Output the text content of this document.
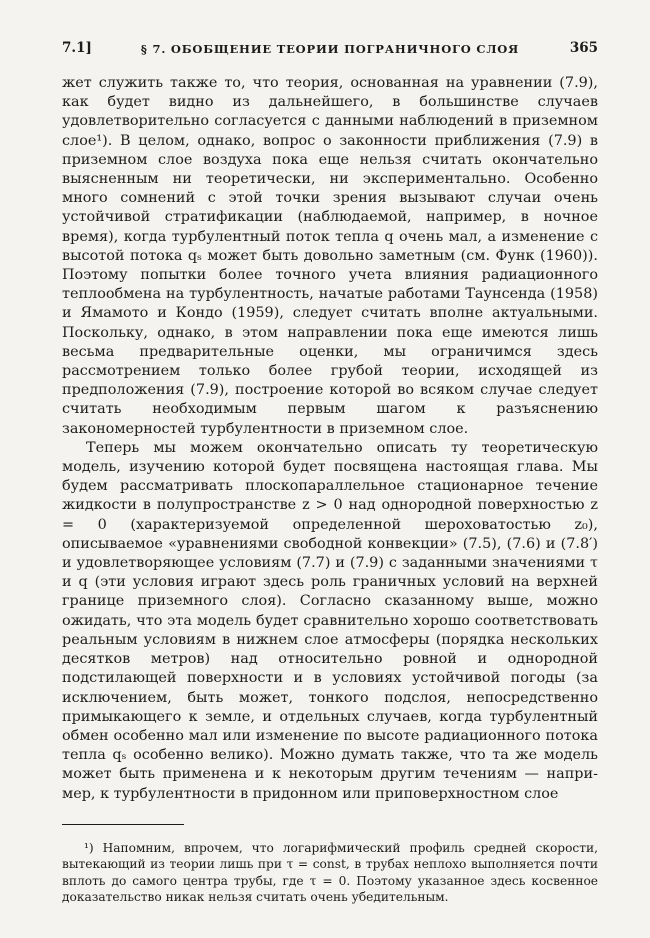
7.1]	§ 7. ОБОБЩЕНИЕ ТЕОРИИ ПОГРАНИЧНОГО СЛОЯ	365

жет служить также то, что теория, основанная на уравнении (7.9), как будет видно из дальнейшего, в большинстве случаев удовлетворительно согласуется с данными наблюдений в приземном слое¹). В целом, однако, вопрос о законности приближения (7.9) в приземном слое воздуха пока еще нельзя считать окончательно выясненным ни теоретически, ни экспериментально. Особенно много сомнений с этой точки зрения вызывают случаи очень устойчивой стратификации (наблюдаемой, например, в ночное время), когда турбулентный поток тепла q очень мал, а изменение с высотой потока qₛ может быть довольно заметным (см. Функ (1960)). Поэтому попытки более точного учета влияния радиационного теплообмена на турбулентность, начатые работами Таунсенда (1958) и Ямамото и Кондо (1959), следует считать вполне актуальными. Поскольку, однако, в этом направлении пока еще имеются лишь весьма предварительные оценки, мы ограничимся здесь рассмотрением только более грубой теории, исходящей из предположения (7.9), построение которой во всяком случае следует считать необходимым первым шагом к разъяснению закономерностей турбулентности в приземном слое.

Теперь мы можем окончательно описать ту теоретическую модель, изучению которой будет посвящена настоящая глава. Мы будем рассматривать плоскопараллельное стационарное течение жидкости в полупространстве z > 0 над однородной поверхностью z = 0 (характеризуемой определенной шероховатостью z₀), описываемое «уравнениями свободной конвекции» (7.5), (7.6) и (7.8′) и удовлетворяющее условиям (7.7) и (7.9) с заданными значениями τ и q (эти условия играют здесь роль граничных условий на верхней границе приземного слоя). Согласно сказанному выше, можно ожидать, что эта модель будет сравнительно хорошо соответствовать реальным условиям в нижнем слое атмосферы (порядка нескольких десятков метров) над относительно ровной и однородной подстилающей поверхности и в условиях устойчивой погоды (за исключением, быть может, тонкого подслоя, непосредственно примыкающего к земле, и отдельных случаев, когда турбулентный обмен особенно мал или изменение по высоте радиационного потока тепла qₛ особенно велико). Можно думать также, что та же модель может быть применена и к некоторым другим течениям — например, к турбулентности в придонном или приповерхностном слое

¹) Напомним, впрочем, что логарифмический профиль средней скорости, вытекающий из теории лишь при τ = const, в трубах неплохо выполняется почти вплоть до самого центра трубы, где τ = 0. Поэтому указанное здесь косвенное доказательство никак нельзя считать очень убедительным.
